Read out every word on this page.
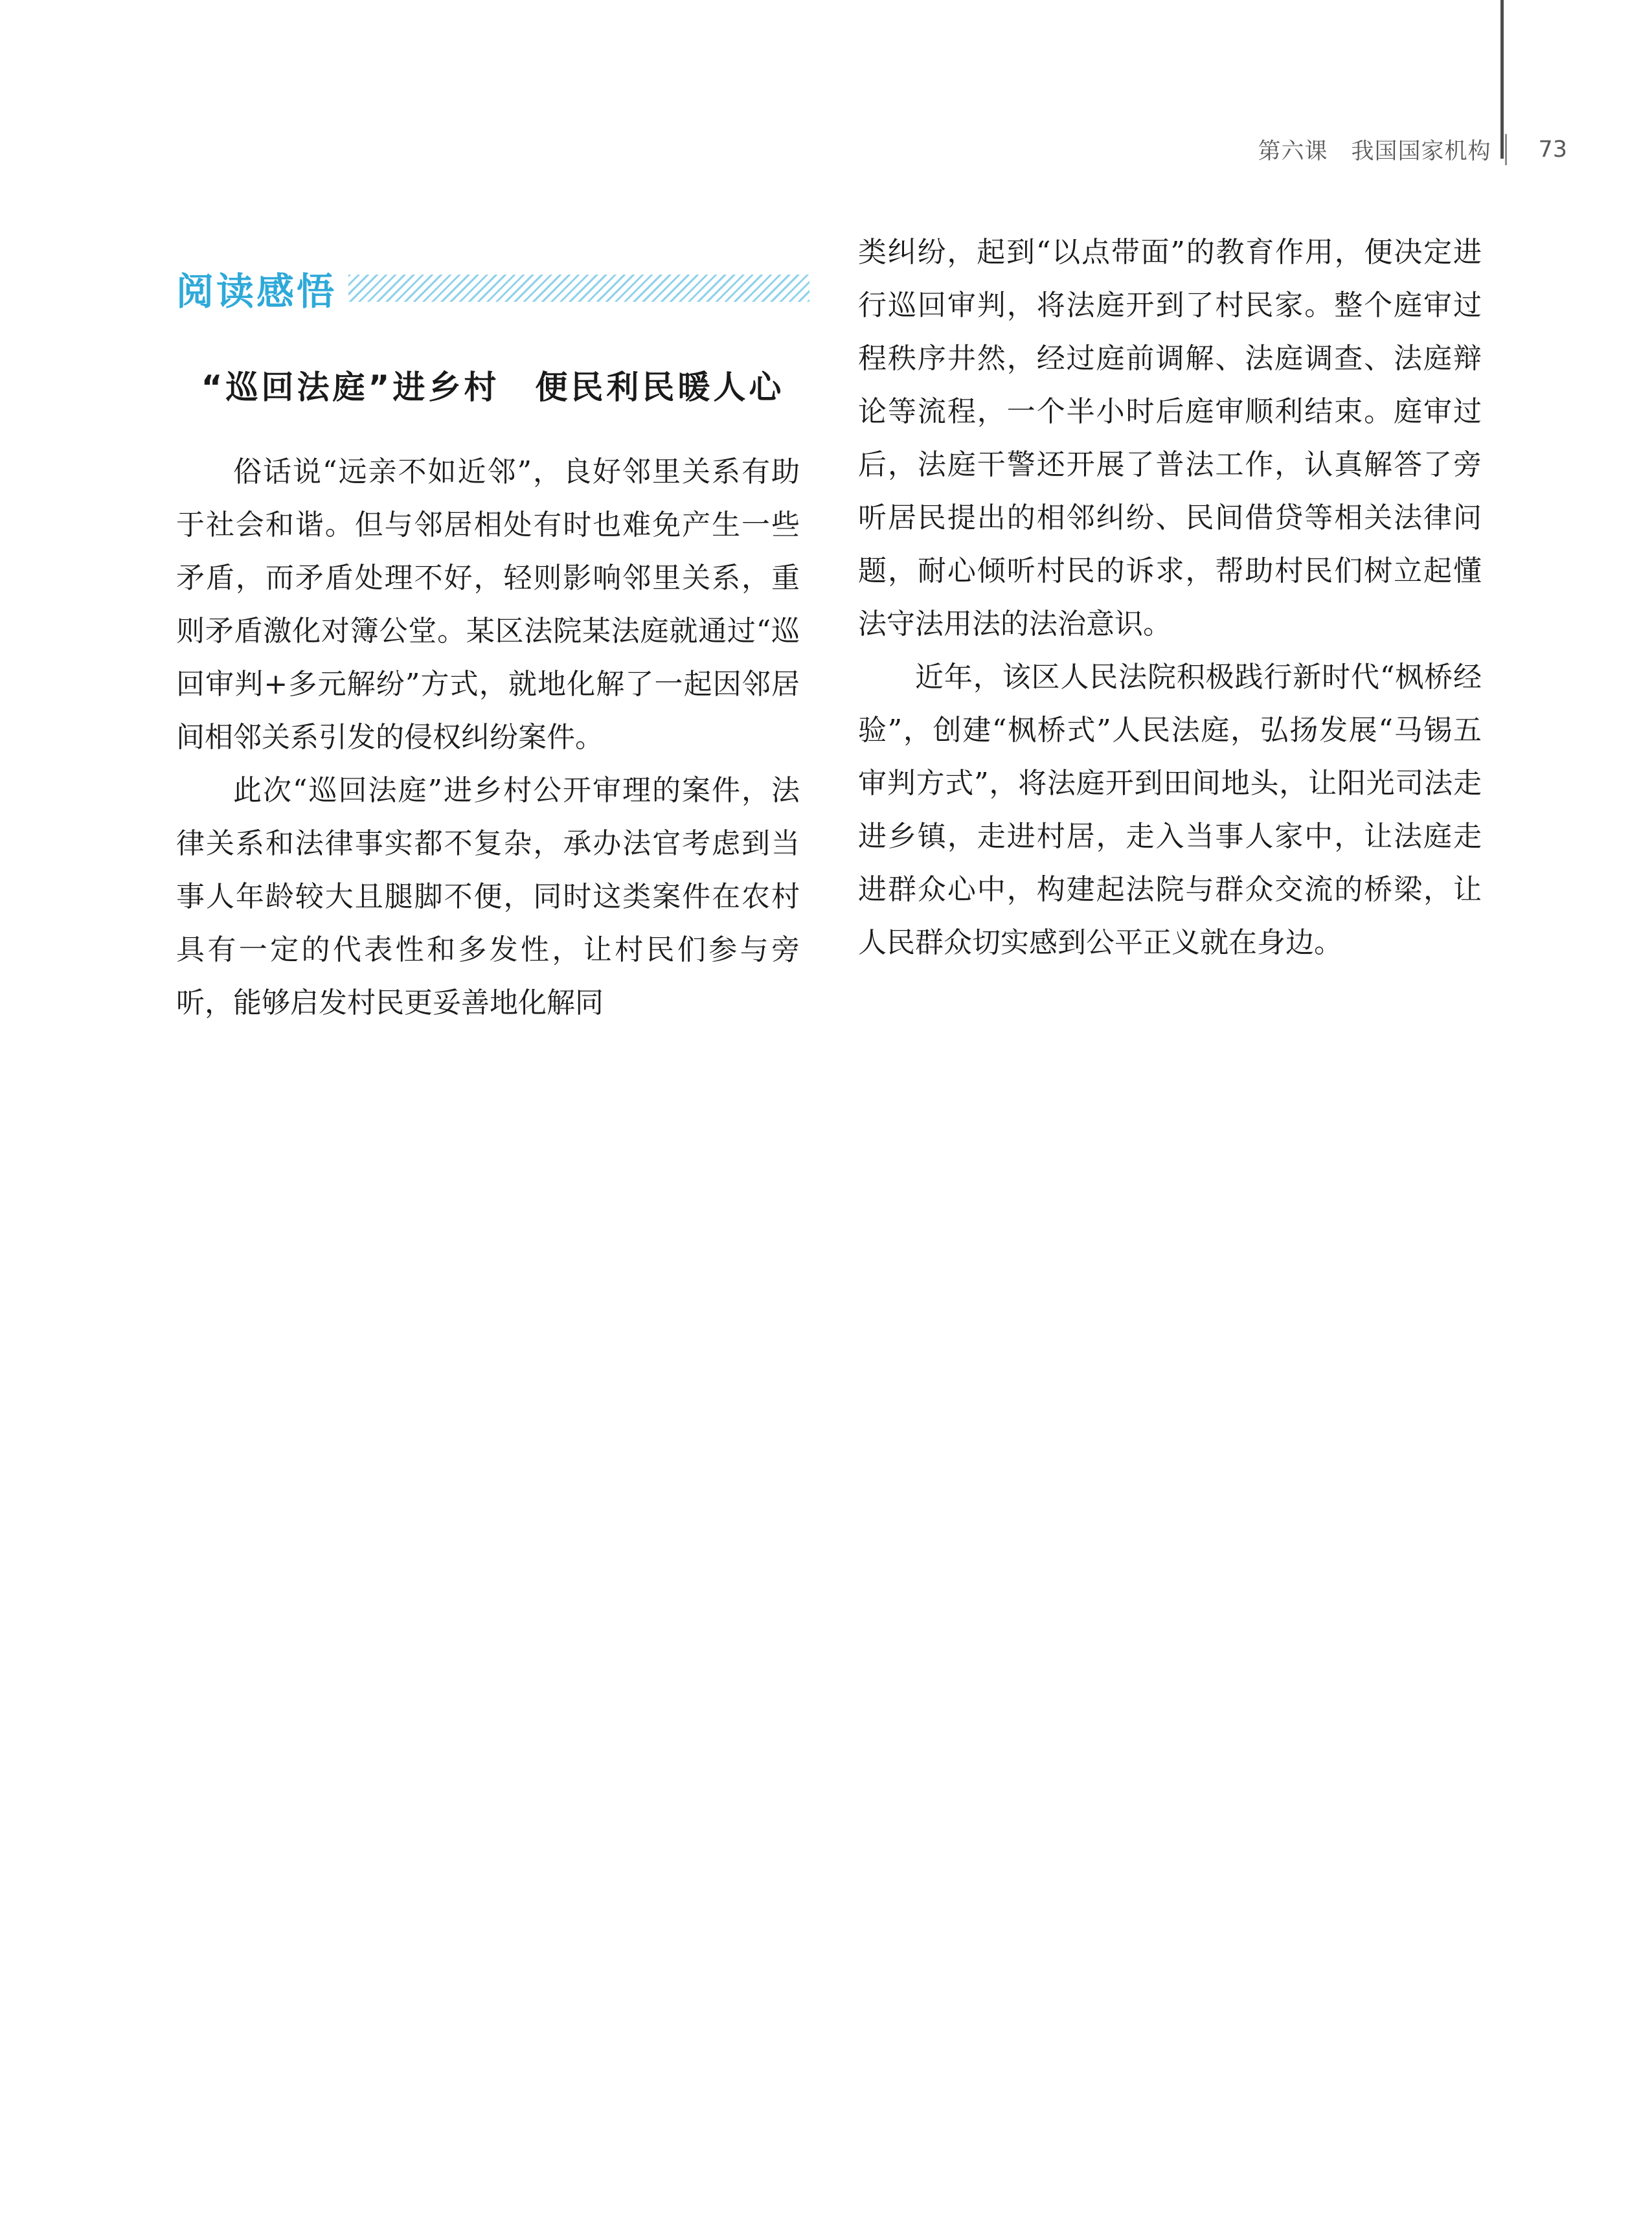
第六课　我国国家机构	73
阅读感悟
“巡回法庭”进乡村　便民利民暖人心

俗话说“远亲不如近邻”，良好邻里关系有助于社会和谐。但与邻居相处有时也难免产生一些矛盾，而矛盾处理不好，轻则影响邻里关系，重则矛盾激化对簿公堂。某区法院某法庭就通过“巡回审判+多元解纷”方式，就地化解了一起因邻居间相邻关系引发的侵权纠纷案件。

此次“巡回法庭”进乡村公开审理的案件，法律关系和法律事实都不复杂，承办法官考虑到当事人年龄较大且腿脚不便，同时这类案件在农村具有一定的代表性和多发性，让村民们参与旁听，能够启发村民更妥善地化解同

类纠纷，起到“以点带面”的教育作用，便决定进行巡回审判，将法庭开到了村民家。整个庭审过程秩序井然，经过庭前调解、法庭调查、法庭辩论等流程，一个半小时后庭审顺利结束。庭审过后，法庭干警还开展了普法工作，认真解答了旁听居民提出的相邻纠纷、民间借贷等相关法律问题，耐心倾听村民的诉求，帮助村民们树立起懂法守法用法的法治意识。

近年，该区人民法院积极践行新时代“枫桥经验”，创建“枫桥式”人民法庭，弘扬发展“马锡五审判方式”，将法庭开到田间地头，让阳光司法走进乡镇，走进村居，走入当事人家中，让法庭走进群众心中，构建起法院与群众交流的桥梁，让人民群众切实感到公平正义就在身边。
